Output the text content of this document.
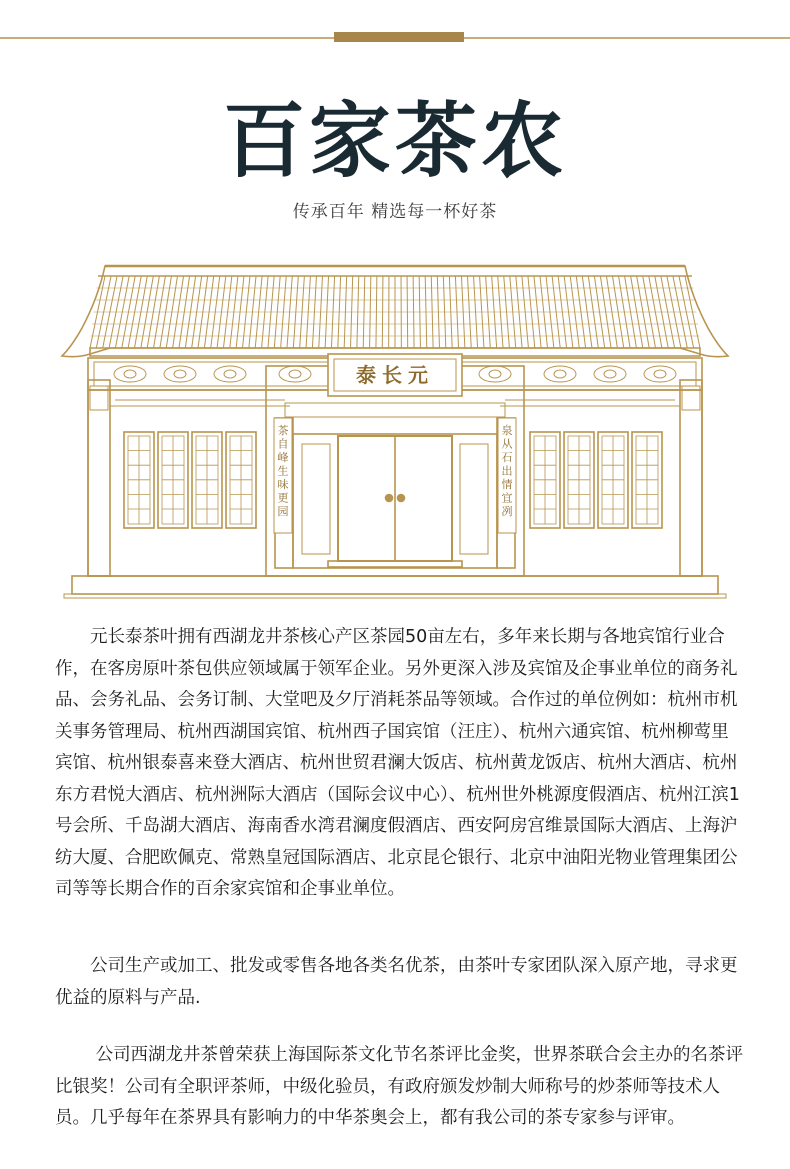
百家茶农
传承百年 精选每一杯好茶
泰长元
茶自峰生味更园
泉从石出情宜冽

　　元长泰茶叶拥有西湖龙井茶核心产区茶园50亩左右，多年来长期与各地宾馆行业合作，在客房原叶茶包供应领域属于领军企业。另外更深入涉及宾馆及企事业单位的商务礼品、会务礼品、会务订制、大堂吧及夕厅消耗茶品等领域。合作过的单位例如：杭州市机关事务管理局、杭州西湖国宾馆、杭州西子国宾馆（汪庄）、杭州六通宾馆、杭州柳莺里宾馆、杭州银泰喜来登大酒店、杭州世贸君澜大饭店、杭州黄龙饭店、杭州大酒店、杭州东方君悦大酒店、杭州洲际大酒店（国际会议中心）、杭州世外桃源度假酒店、杭州江滨1号会所、千岛湖大酒店、海南香水湾君澜度假酒店、西安阿房宫维景国际大酒店、上海沪纺大厦、合肥欧佩克、常熟皇冠国际酒店、北京昆仑银行、北京中油阳光物业管理集团公司等等长期合作的百余家宾馆和企事业单位。

　　公司生产或加工、批发或零售各地各类名优茶，由茶叶专家团队深入原产地，寻求更优益的原料与产品.

　　 公司西湖龙井茶曾荣获上海国际茶文化节名茶评比金奖，世界茶联合会主办的名茶评比银奖！公司有全职评茶师，中级化验员，有政府颁发炒制大师称号的炒茶师等技术人员。几乎每年在茶界具有影响力的中华茶奥会上，都有我公司的茶专家参与评审。
